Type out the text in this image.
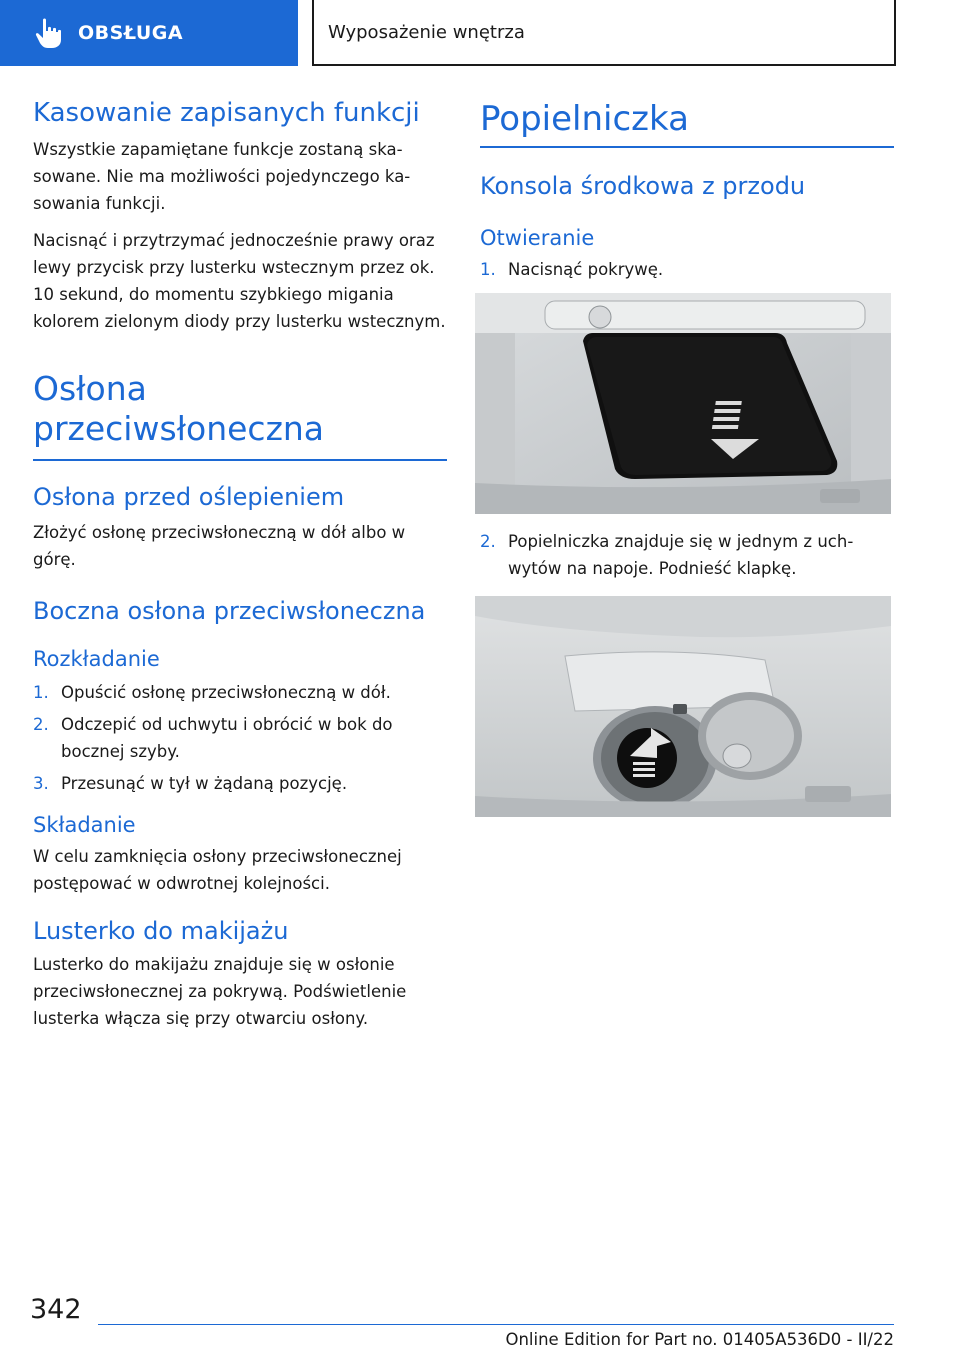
OBSŁUGA	Wyposażenie wnętrza
Kasowanie zapisanych funkcji
Wszystkie zapamiętane funkcje zostaną ska- sowane. Nie ma możliwości pojedynczego ka- sowania funkcji.
Nacisnąć i przytrzymać jednocześnie prawy oraz lewy przycisk przy lusterku wstecznym przez ok. 10 sekund, do momentu szybkiego migania kolorem zielonym diody przy lusterku wstecznym.
Osłona przeciwsłoneczna
Osłona przed oślepieniem
Złożyć osłonę przeciwsłoneczną w dół albo w górę.
Boczna osłona przeciwsłoneczna
Rozkładanie
1. Opuścić osłonę przeciwsłoneczną w dół.
2. Odczepić od uchwytu i obrócić w bok do bocznej szyby.
3. Przesunąć w tył w żądaną pozycję.
Składanie
W celu zamknięcia osłony przeciwsłonecznej postępować w odwrotnej kolejności.
Lusterko do makijażu
Lusterko do makijażu znajduje się w osłonie przeciwsłonecznej za pokrywą. Podświetlenie lusterka włącza się przy otwarciu osłony.
Popielniczka
Konsola środkowa z przodu
Otwieranie
1. Nacisnąć pokrywę.
2. Popielniczka znajduje się w jednym z uch- wytów na napoje. Podnieść klapkę.
342
Online Edition for Part no. 01405A536D0 - II/22
